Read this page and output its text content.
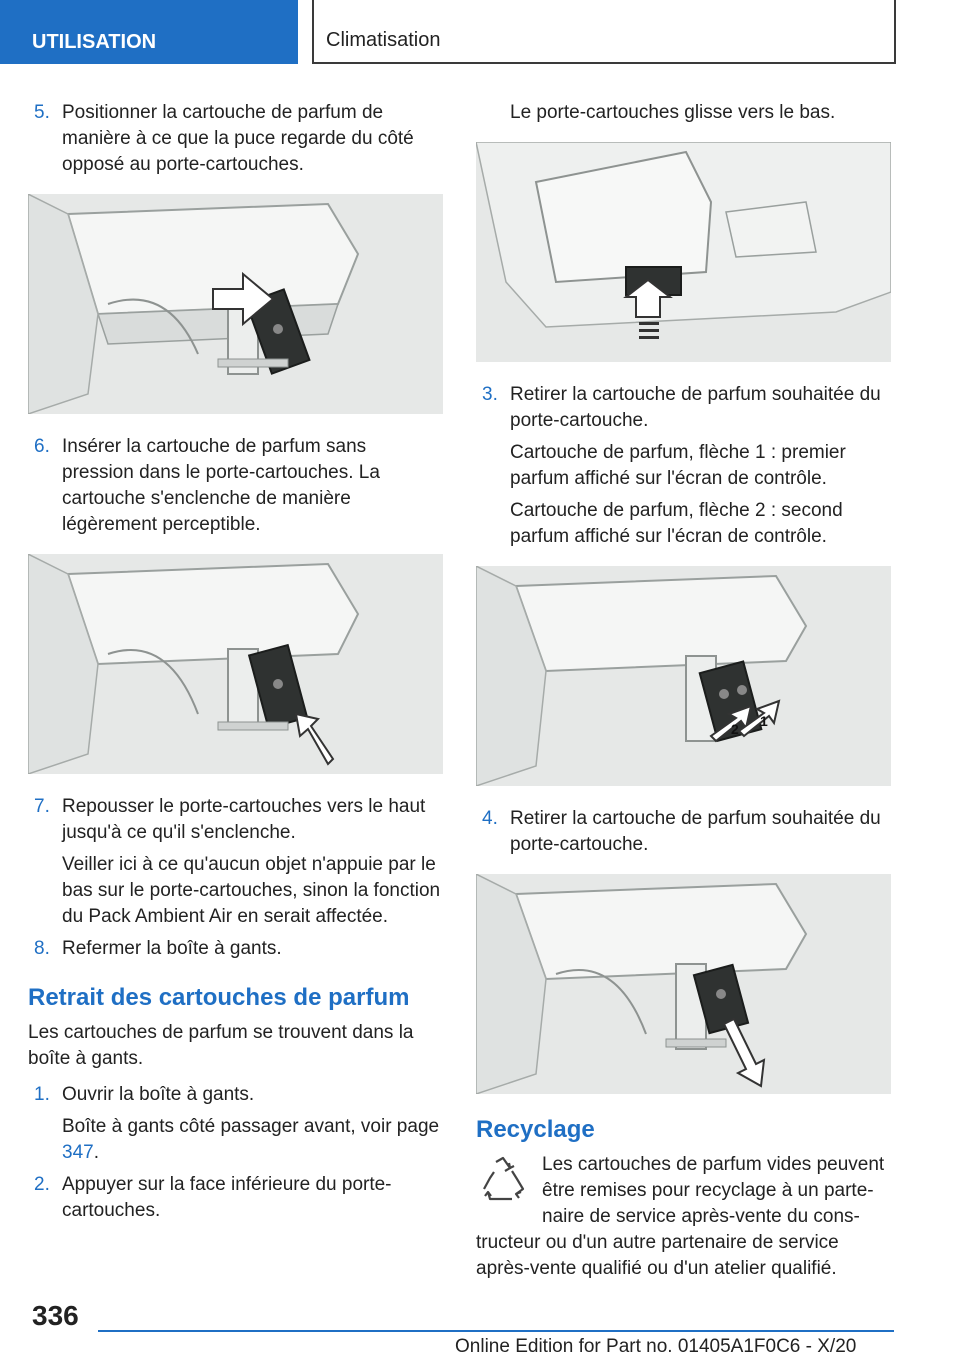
UTILISATION	Climatisation
5. Positionner la cartouche de parfum de manière à ce que la puce regarde du côté opposé au porte-cartouches.

6. Insérer la cartouche de parfum sans pression dans le porte-cartouches. La cartouche s'enclenche de manière légèrement perceptible.

7. Repousser le porte-cartouches vers le haut jusqu'à ce qu'il s'enclenche.

Veiller ici à ce qu'aucun objet n'appuie par le bas sur le porte-cartouches, sinon la fonction du Pack Ambient Air en serait affectée.

8. Refermer la boîte à gants.

Retrait des cartouches de parfum
Les cartouches de parfum se trouvent dans la boîte à gants.
1. Ouvrir la boîte à gants.

Boîte à gants côté passager avant, voir page 347.

2. Appuyer sur la face inférieure du porte-cartouches.

Le porte-cartouches glisse vers le bas.
3. Retirer la cartouche de parfum souhaitée du porte-cartouche.

Cartouche de parfum, flèche 1 : premier parfum affiché sur l'écran de contrôle.

Cartouche de parfum, flèche 2 : second parfum affiché sur l'écran de contrôle.

2 1
4. Retirer la cartouche de parfum souhaitée du porte-cartouche.

Recyclage
Les cartouches de parfum vides peuvent
être remises pour recyclage à un parte-
naire de service après-vente du cons-
tructeur ou d'un autre partenaire de service après-vente qualifié ou d'un atelier qualifié.
336
Online Edition for Part no. 01405A1F0C6 - X/20
